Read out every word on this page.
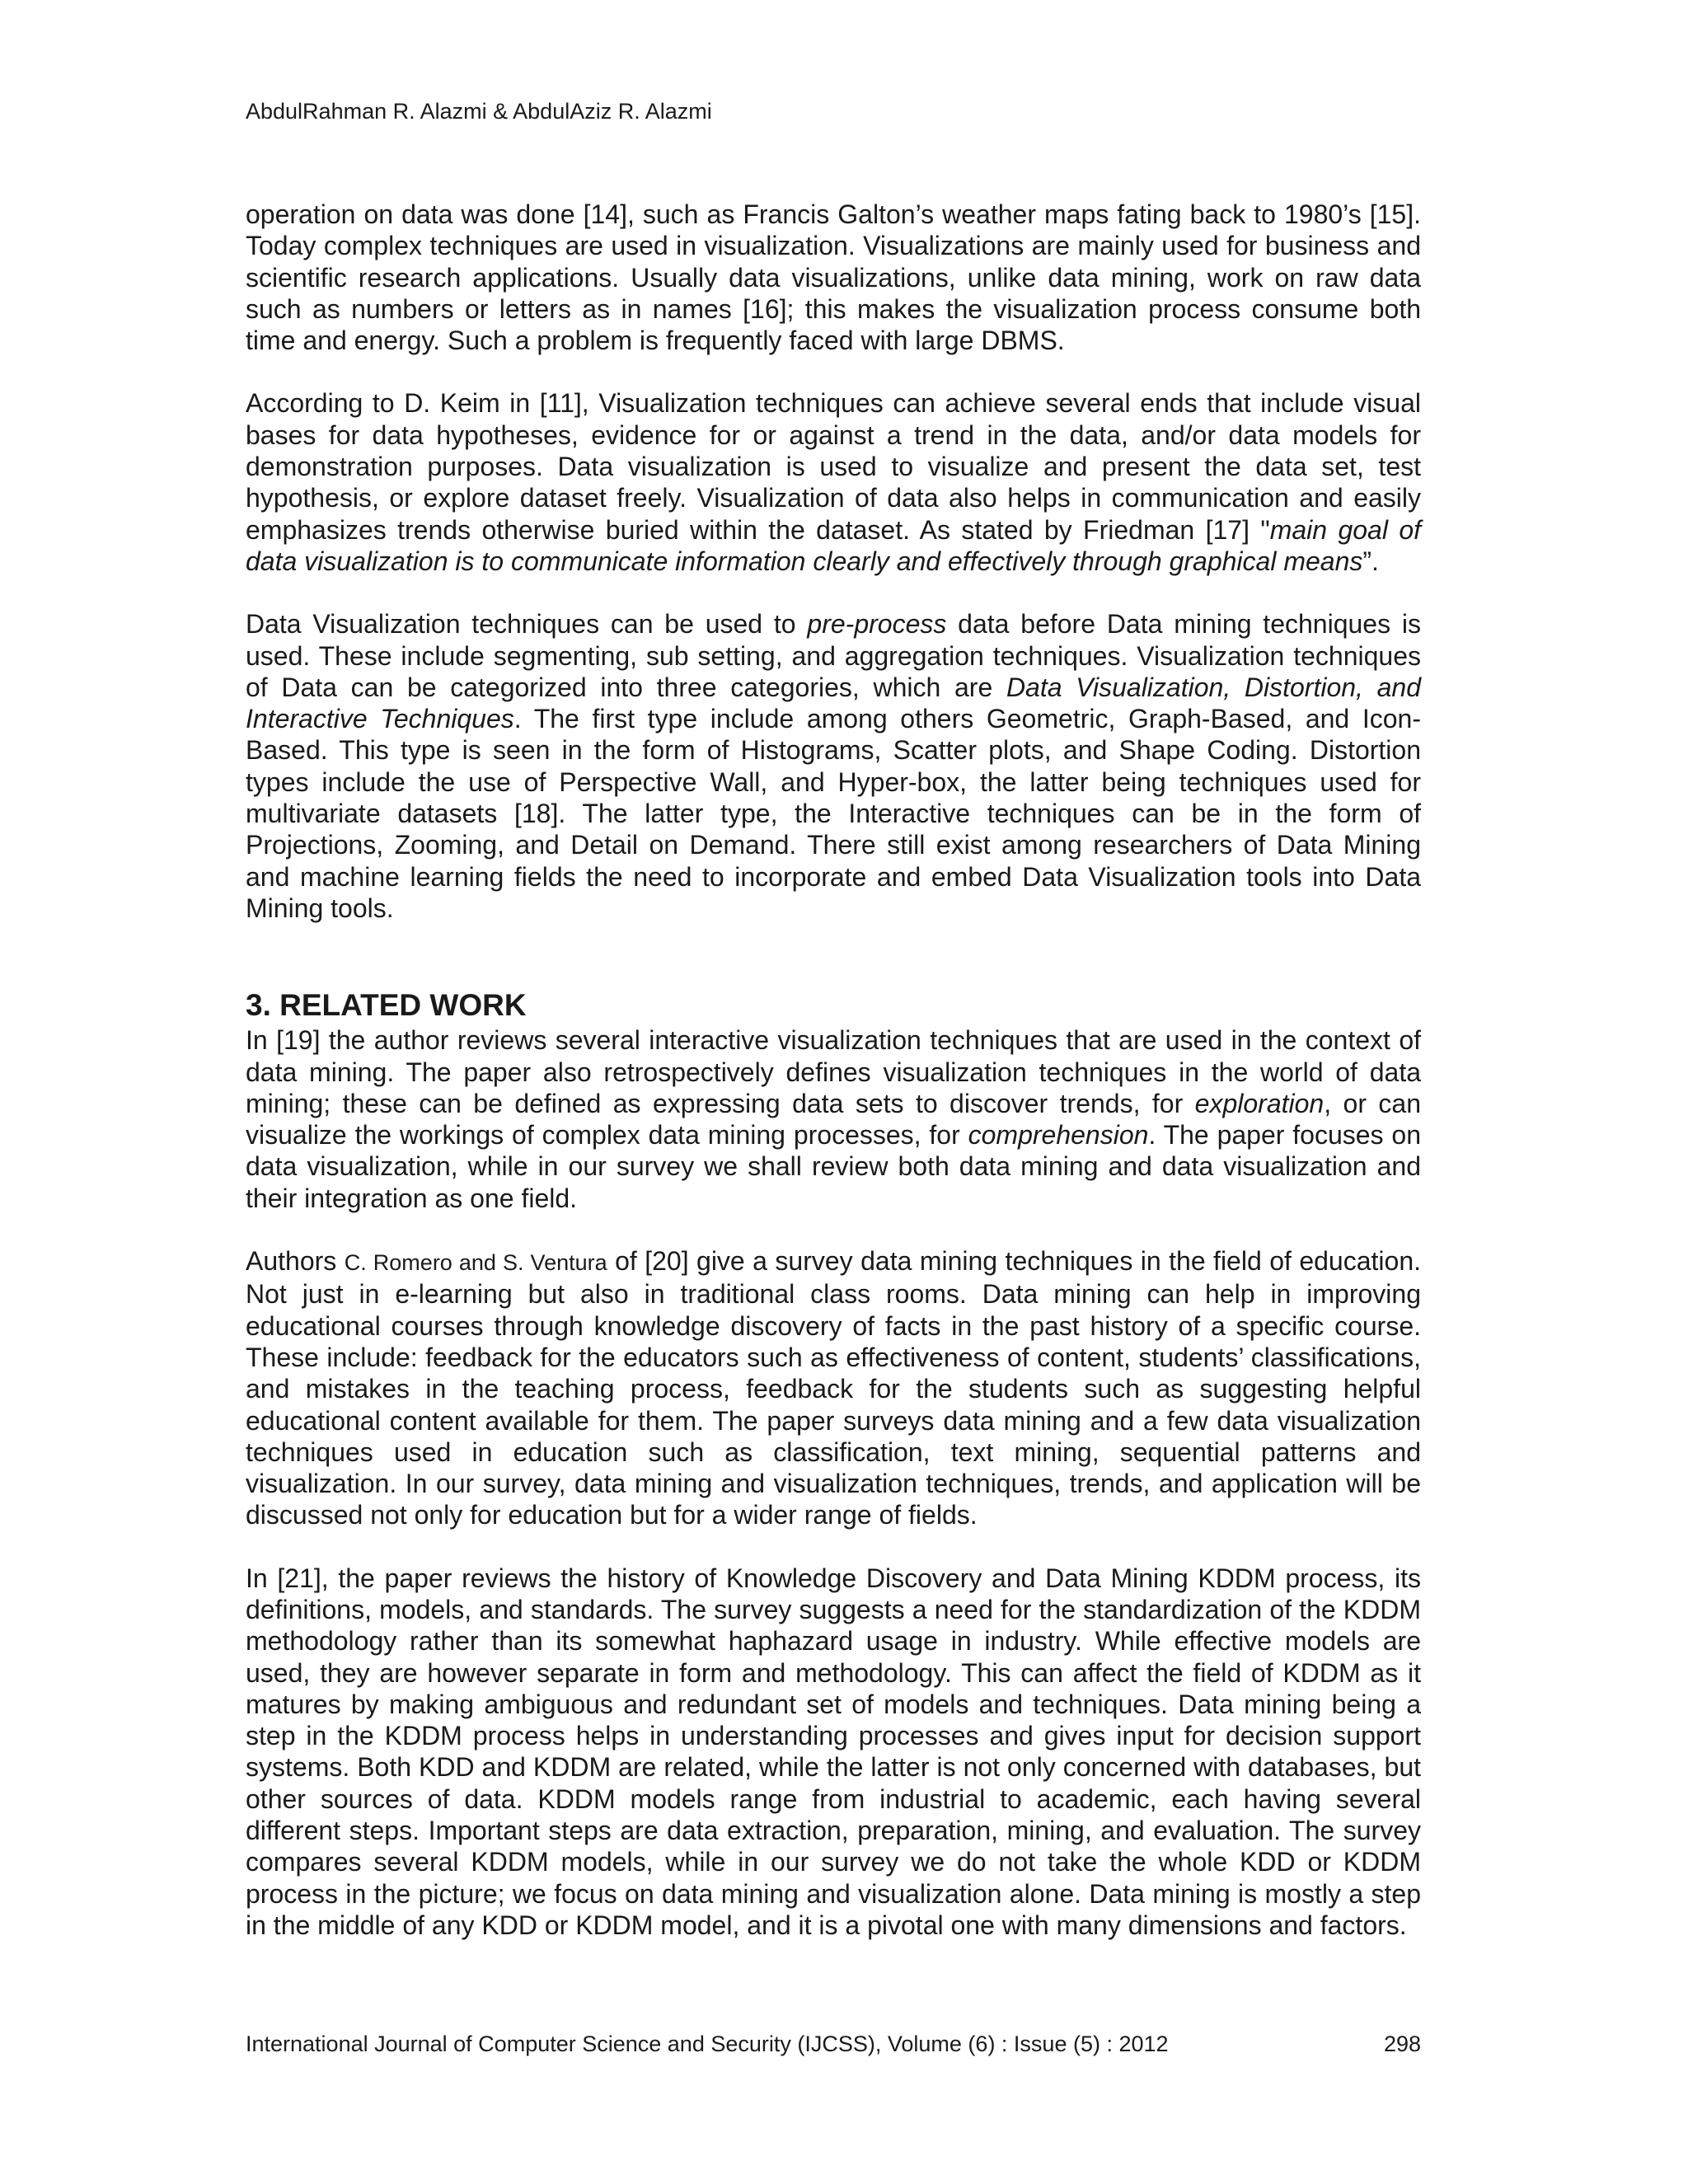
AbdulRahman R. Alazmi & AbdulAziz R. Alazmi

operation on data was done [14], such as Francis Galton’s weather maps fating back to 1980’s [15]. Today complex techniques are used in visualization. Visualizations are mainly used for business and scientific research applications. Usually data visualizations, unlike data mining, work on raw data such as numbers or letters as in names [16]; this makes the visualization process consume both time and energy. Such a problem is frequently faced with large DBMS.

According to D. Keim in [11], Visualization techniques can achieve several ends that include visual bases for data hypotheses, evidence for or against a trend in the data, and/or data models for demonstration purposes. Data visualization is used to visualize and present the data set, test hypothesis, or explore dataset freely. Visualization of data also helps in communication and easily emphasizes trends otherwise buried within the dataset. As stated by Friedman [17] "main goal of data visualization is to communicate information clearly and effectively through graphical means”.

Data Visualization techniques can be used to pre-process data before Data mining techniques is used. These include segmenting, sub setting, and aggregation techniques. Visualization techniques of Data can be categorized into three categories, which are Data Visualization, Distortion, and Interactive Techniques. The first type include among others Geometric, Graph-Based, and Icon-Based. This type is seen in the form of Histograms, Scatter plots, and Shape Coding. Distortion types include the use of Perspective Wall, and Hyper-box, the latter being techniques used for multivariate datasets [18]. The latter type, the Interactive techniques can be in the form of Projections, Zooming, and Detail on Demand. There still exist among researchers of Data Mining and machine learning fields the need to incorporate and embed Data Visualization tools into Data Mining tools.

3. RELATED WORK

In [19] the author reviews several interactive visualization techniques that are used in the context of data mining. The paper also retrospectively defines visualization techniques in the world of data mining; these can be defined as expressing data sets to discover trends, for exploration, or can visualize the workings of complex data mining processes, for comprehension. The paper focuses on data visualization, while in our survey we shall review both data mining and data visualization and their integration as one field.

Authors C. Romero and S. Ventura of [20] give a survey data mining techniques in the field of education. Not just in e-learning but also in traditional class rooms. Data mining can help in improving educational courses through knowledge discovery of facts in the past history of a specific course. These include: feedback for the educators such as effectiveness of content, students’ classifications, and mistakes in the teaching process, feedback for the students such as suggesting helpful educational content available for them. The paper surveys data mining and a few data visualization techniques used in education such as classification, text mining, sequential patterns and visualization. In our survey, data mining and visualization techniques, trends, and application will be discussed not only for education but for a wider range of fields.

In [21], the paper reviews the history of Knowledge Discovery and Data Mining KDDM process, its definitions, models, and standards. The survey suggests a need for the standardization of the KDDM methodology rather than its somewhat haphazard usage in industry. While effective models are used, they are however separate in form and methodology. This can affect the field of KDDM as it matures by making ambiguous and redundant set of models and techniques. Data mining being a step in the KDDM process helps in understanding processes and gives input for decision support systems. Both KDD and KDDM are related, while the latter is not only concerned with databases, but other sources of data. KDDM models range from industrial to academic, each having several different steps. Important steps are data extraction, preparation, mining, and evaluation. The survey compares several KDDM models, while in our survey we do not take the whole KDD or KDDM process in the picture; we focus on data mining and visualization alone. Data mining is mostly a step in the middle of any KDD or KDDM model, and it is a pivotal one with many dimensions and factors.

International Journal of Computer Science and Security (IJCSS), Volume (6) : Issue (5) : 2012	298
